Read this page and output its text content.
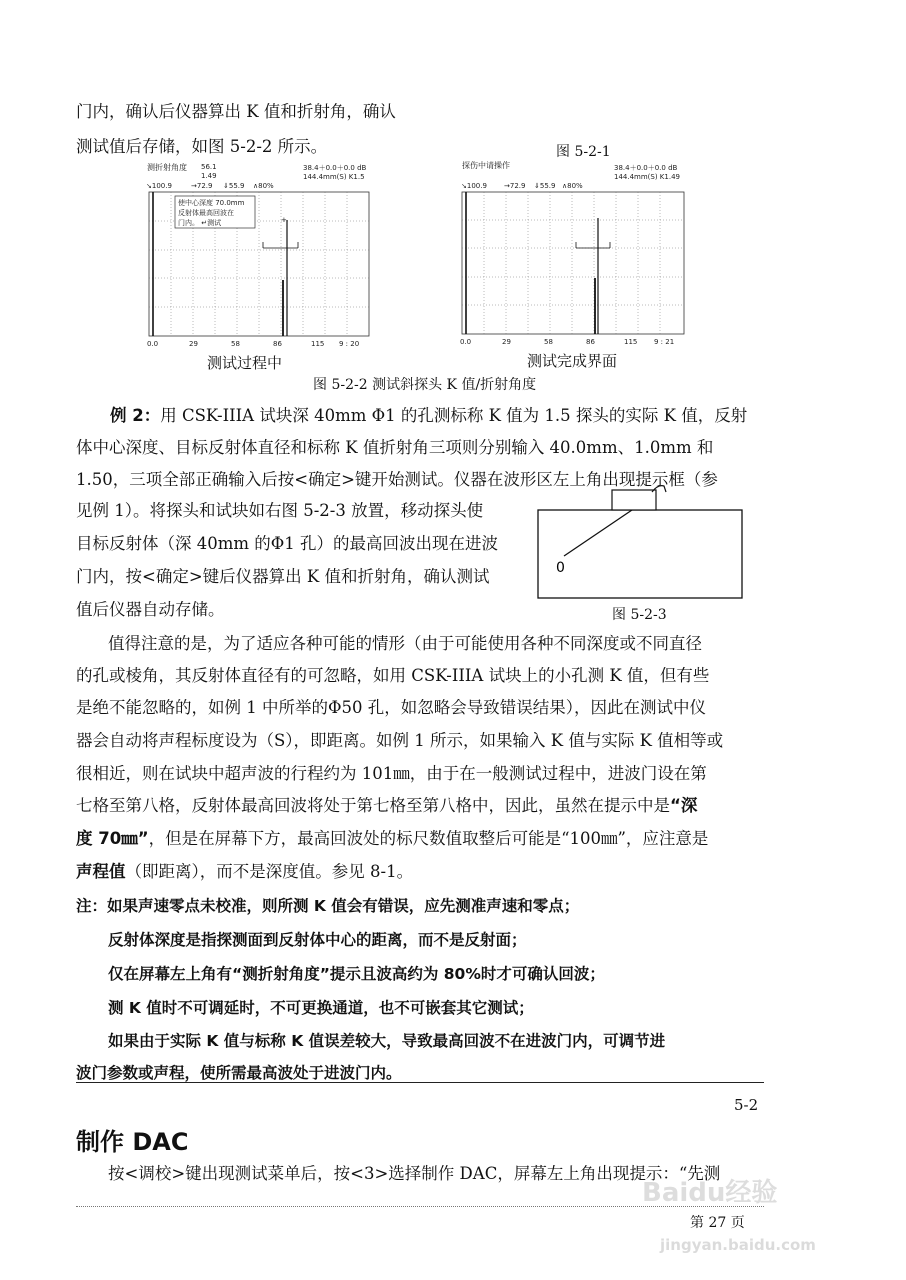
门内，确认后仪器算出 K 值和折射角，确认
测试值后存储，如图 5-2-2 所示。	图 5-2-1
测折射角度 56.1
1.49
38.4＋0.0＋0.0 dB
144.4mm(S) K1.5
↘100.9	→72.9 ⇓55.9 ∧80%
使中心深度 70.0mm
反射体最高回波在
门内。 ↵测试	+
0.0	29	58	86	115 9 : 20
测试过程中
探伤中请操作	38.4＋0.0＋0.0 dB
144.4mm(S) K1.49
↘100.9 →72.9 ⇓55.9 ∧80%
0.0	29	58	86	115 9 : 21
测试完成界面
图 5-2-2 测试斜探头 K 值/折射角度
例 2：用 CSK-IIIA 试块深 40mm Φ1 的孔测标称 K 值为 1.5 探头的实际 K 值，反射
体中心深度、目标反射体直径和标称 K 值折射角三项则分别输入 40.0mm、1.0mm 和
1.50，三项全部正确输入后按<确定>键开始测试。仪器在波形区左上角出现提示框（参
见例 1）。将探头和试块如右图 5-2-3 放置，移动探头使
目标反射体（深 40mm 的Φ1 孔）的最高回波出现在进波
门内，按<确定>键后仪器算出 K 值和折射角，确认测试
值后仪器自动存储。
0
图 5-2-3
值得注意的是，为了适应各种可能的情形（由于可能使用各种不同深度或不同直径
的孔或棱角，其反射体直径有的可忽略，如用 CSK-IIIA 试块上的小孔测 K 值，但有些
是绝不能忽略的，如例 1 中所举的Φ50 孔，如忽略会导致错误结果），因此在测试中仪
器会自动将声程标度设为（S），即距离。如例 1 所示，如果输入 K 值与实际 K 值相等或
很相近，则在试块中超声波的行程约为 101㎜，由于在一般测试过程中，进波门设在第
七格至第八格，反射体最高回波将处于第七格至第八格中，因此，虽然在提示中是“深
度 70㎜”，但是在屏幕下方，最高回波处的标尺数值取整后可能是“100㎜”，应注意是
声程值（即距离），而不是深度值。参见 8-1。
注：如果声速零点未校准，则所测 K 值会有错误，应先测准声速和零点；
反射体深度是指探测面到反射体中心的距离，而不是反射面；
仅在屏幕左上角有“测折射角度”提示且波高约为 80%时才可确认回波；
测 K 值时不可调延时，不可更换通道，也不可嵌套其它测试；
如果由于实际 K 值与标称 K 值误差较大，导致最高回波不在进波门内，可调节进
波门参数或声程，使所需最高波处于进波门内。
5-2
制作 DAC
按<调校>键出现测试菜单后，按<3>选择制作 DAC，屏幕左上角出现提示：“先测
第 27 页
Baidu经验
jingyan.baidu.com
